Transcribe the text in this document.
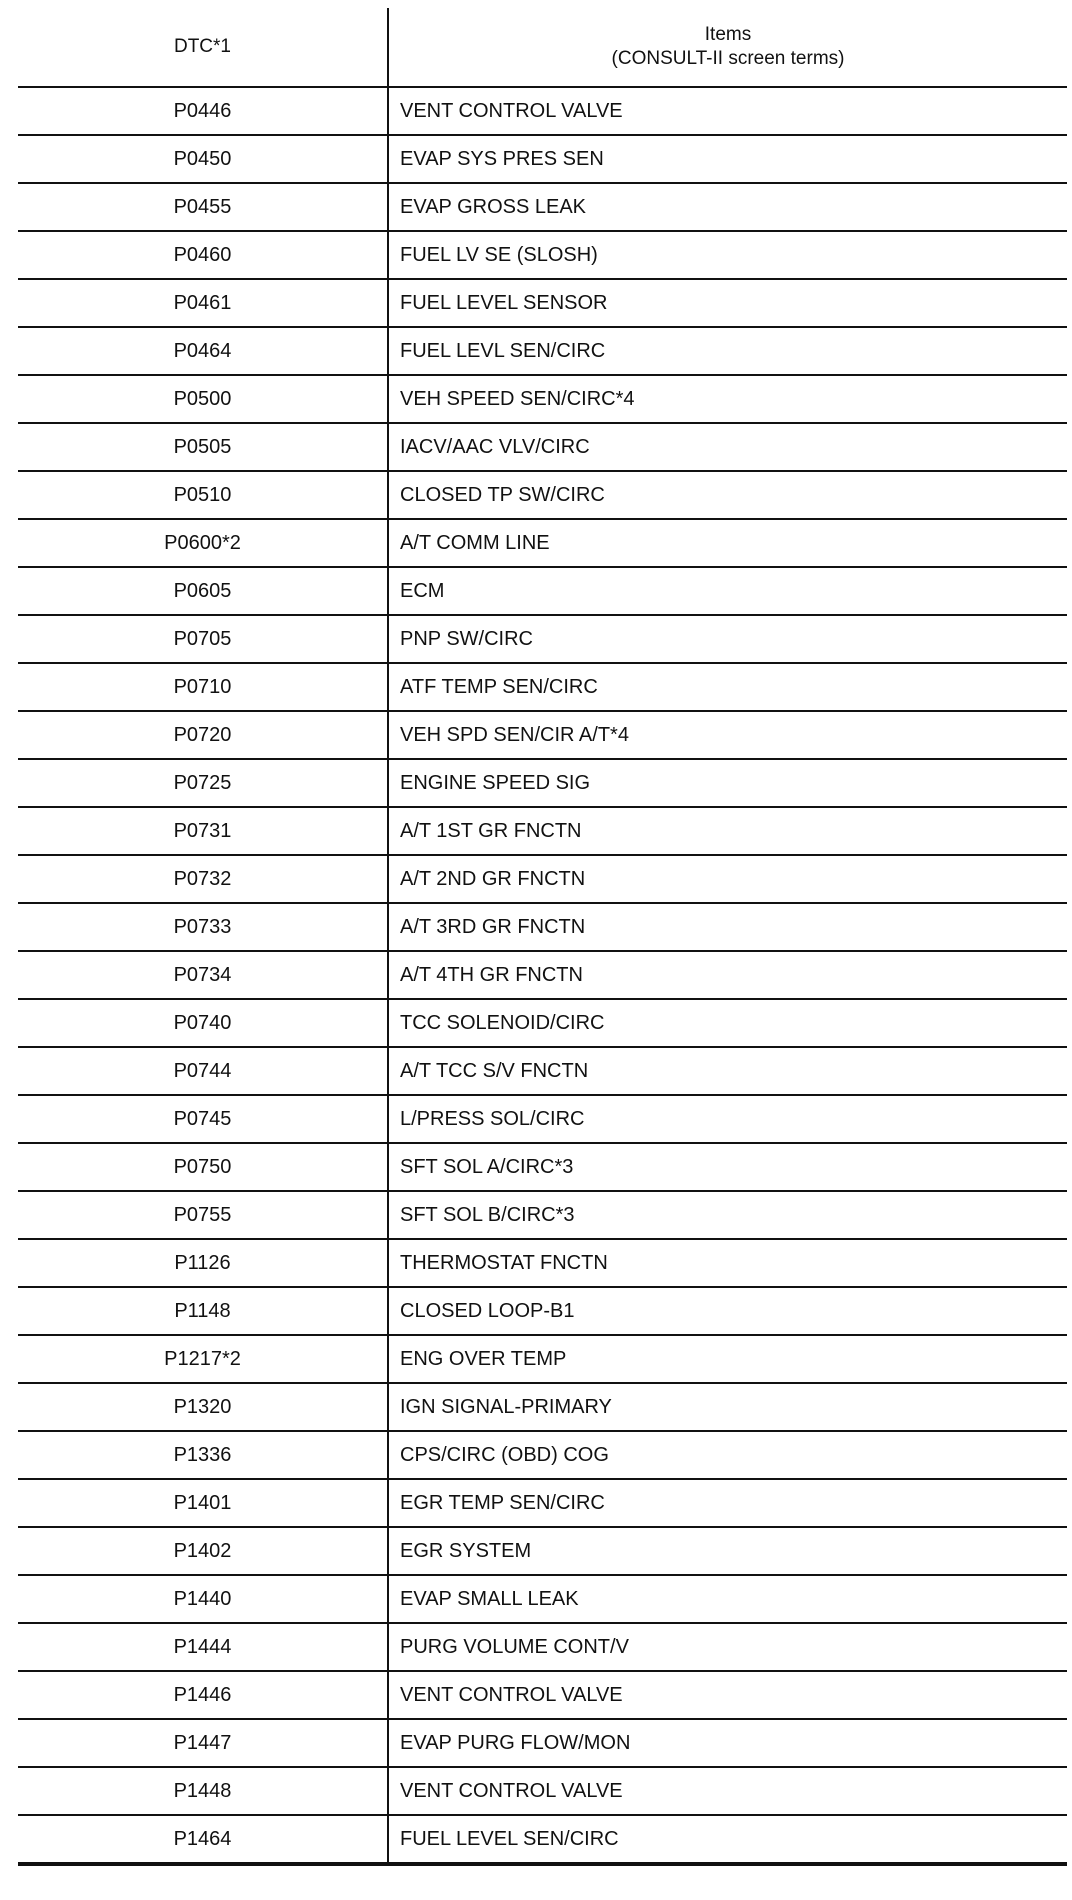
DTC*1	Items
(CONSULT-II screen terms)

P0446	VENT CONTROL VALVE
P0450	EVAP SYS PRES SEN
P0455	EVAP GROSS LEAK
P0460	FUEL LV SE (SLOSH)
P0461	FUEL LEVEL SENSOR
P0464	FUEL LEVL SEN/CIRC
P0500	VEH SPEED SEN/CIRC*4
P0505	IACV/AAC VLV/CIRC
P0510	CLOSED TP SW/CIRC
P0600*2	A/T COMM LINE
P0605	ECM
P0705	PNP SW/CIRC
P0710	ATF TEMP SEN/CIRC
P0720	VEH SPD SEN/CIR A/T*4
P0725	ENGINE SPEED SIG
P0731	A/T 1ST GR FNCTN
P0732	A/T 2ND GR FNCTN
P0733	A/T 3RD GR FNCTN
P0734	A/T 4TH GR FNCTN
P0740	TCC SOLENOID/CIRC
P0744	A/T TCC S/V FNCTN
P0745	L/PRESS SOL/CIRC
P0750	SFT SOL A/CIRC*3
P0755	SFT SOL B/CIRC*3
P1126	THERMOSTAT FNCTN
P1148	CLOSED LOOP-B1
P1217*2	ENG OVER TEMP
P1320	IGN SIGNAL-PRIMARY
P1336	CPS/CIRC (OBD) COG
P1401	EGR TEMP SEN/CIRC
P1402	EGR SYSTEM
P1440	EVAP SMALL LEAK
P1444	PURG VOLUME CONT/V
P1446	VENT CONTROL VALVE
P1447	EVAP PURG FLOW/MON
P1448	VENT CONTROL VALVE
P1464	FUEL LEVEL SEN/CIRC
